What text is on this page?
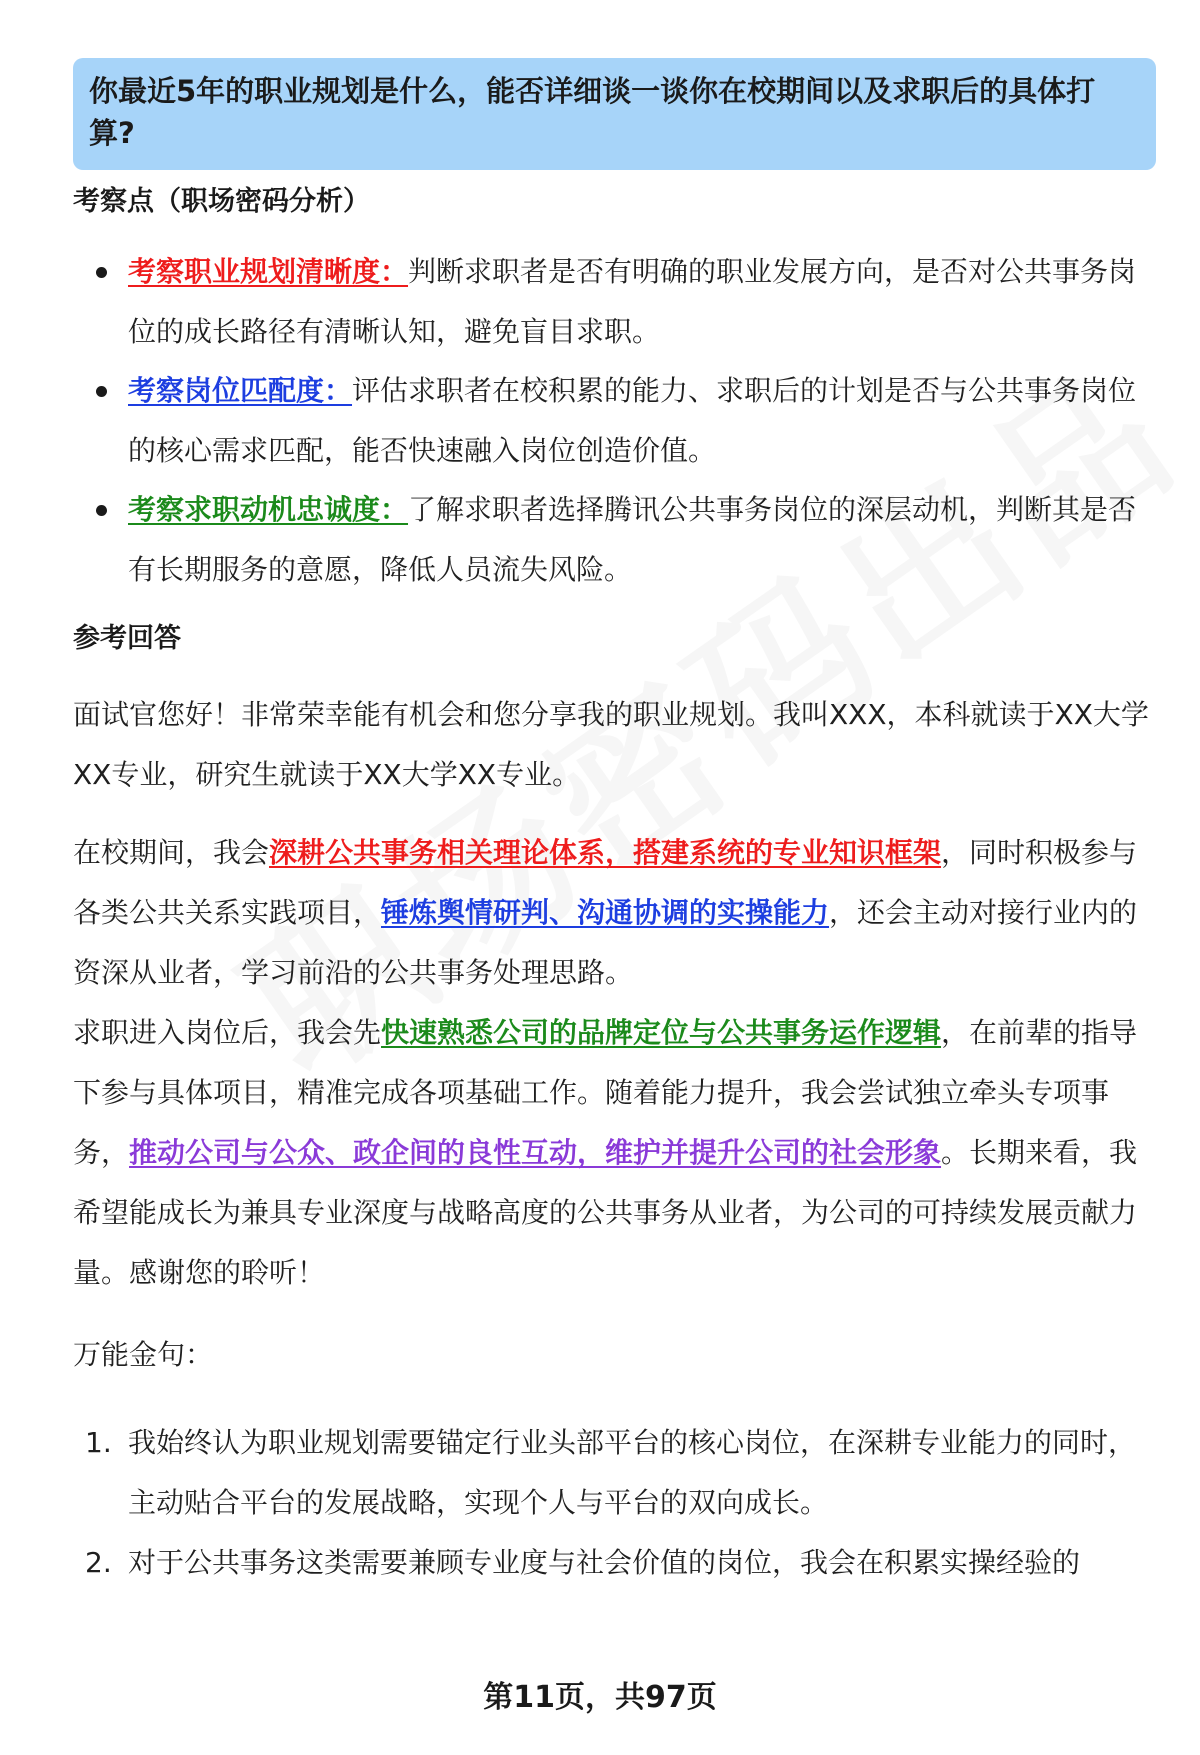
你最近5年的职业规划是什么，能否详细谈一谈你在校期间以及求职后的具体打算?
考察点（职场密码分析）
考察职业规划清晰度：判断求职者是否有明确的职业发展方向，是否对公共事务岗位的成长路径有清晰认知，避免盲目求职。
考察岗位匹配度：评估求职者在校积累的能力、求职后的计划是否与公共事务岗位的核心需求匹配，能否快速融入岗位创造价值。
考察求职动机忠诚度：了解求职者选择腾讯公共事务岗位的深层动机，判断其是否有长期服务的意愿，降低人员流失风险。
参考回答

面试官您好！非常荣幸能有机会和您分享我的职业规划。我叫XXX，本科就读于XX大学XX专业，研究生就读于XX大学XX专业。

在校期间，我会深耕公共事务相关理论体系，搭建系统的专业知识框架，同时积极参与各类公共关系实践项目，锤炼舆情研判、沟通协调的实操能力，还会主动对接行业内的资深从业者，学习前沿的公共事务处理思路。

求职进入岗位后，我会先快速熟悉公司的品牌定位与公共事务运作逻辑，在前辈的指导下参与具体项目，精准完成各项基础工作。随着能力提升，我会尝试独立牵头专项事务，推动公司与公众、政企间的良性互动，维护并提升公司的社会形象。长期来看，我希望能成长为兼具专业深度与战略高度的公共事务从业者，为公司的可持续发展贡献力量。感谢您的聆听！

万能金句：

1. 我始终认为职业规划需要锚定行业头部平台的核心岗位，在深耕专业能力的同时，主动贴合平台的发展战略，实现个人与平台的双向成长。
2. 对于公共事务这类需要兼顾专业度与社会价值的岗位，我会在积累实操经验的
第11页，共97页
